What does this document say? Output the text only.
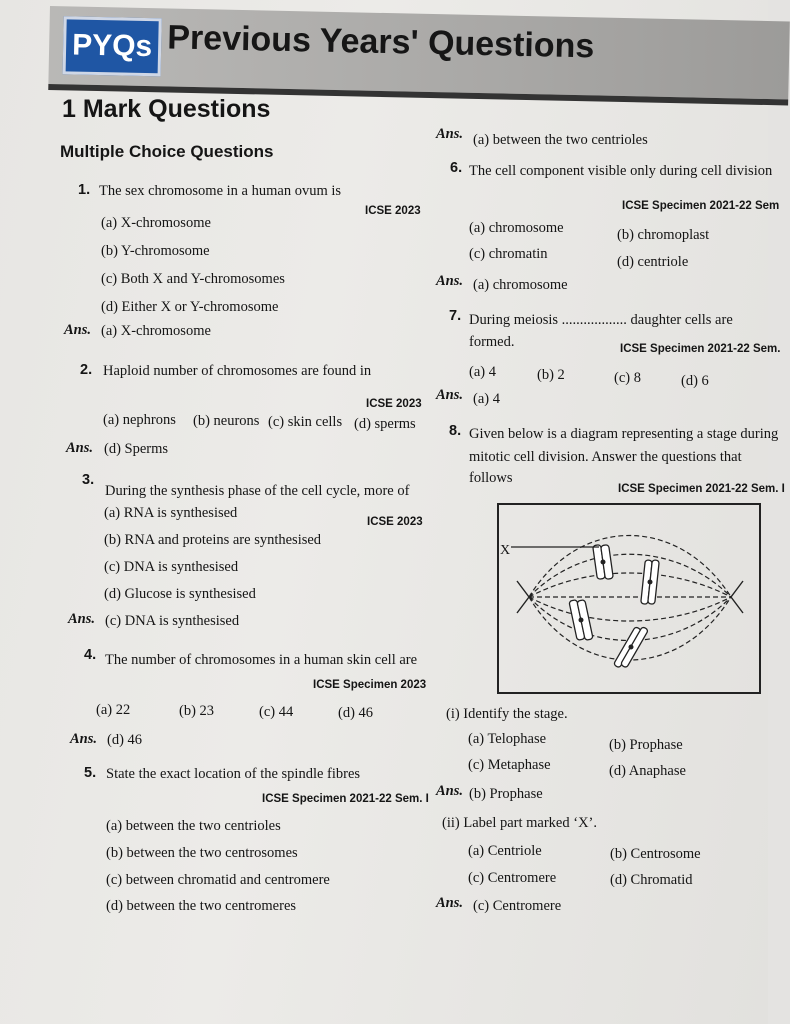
PYQs Previous Years' Questions
1 Mark Questions
Multiple Choice Questions
1. The sex chromosome in a human ovum is
ICSE 2023
(a) X-chromosome
(b) Y-chromosome
(c) Both X and Y-chromosomes
(d) Either X or Y-chromosome
Ans. (a) X-chromosome
2. Haploid number of chromosomes are found in
ICSE 2023
(a) nephrons (b) neurons (c) skin cells (d) sperms
Ans. (d) Sperms
3.
During the synthesis phase of the cell cycle, more of
(a) RNA is synthesised
ICSE 2023
(b) RNA and proteins are synthesised
(c) DNA is synthesised
(d) Glucose is synthesised
Ans. (c) DNA is synthesised
4. The number of chromosomes in a human skin cell are
ICSE Specimen 2023
(a) 22	(b) 23	(c) 44	(d) 46
Ans. (d) 46
5. State the exact location of the spindle fibres
ICSE Specimen 2021-22 Sem. I
(a) between the two centrioles
(b) between the two centrosomes
(c) between chromatid and centromere
(d) between the two centromeres
Ans. (a) between the two centrioles
6. The cell component visible only during cell division
ICSE Specimen 2021-22 Sem
(a) chromosome	(b) chromoplast
(c) chromatin	(d) centriole
Ans. (a) chromosome
7. During meiosis .................. daughter cells are
formed.	ICSE Specimen 2021-22 Sem.
(a) 4	(b) 2	(c) 8	(d) 6
Ans. (a) 4
8. Given below is a diagram representing a stage during
mitotic cell division. Answer the questions that
follows
ICSE Specimen 2021-22 Sem. I
X
(i) Identify the stage.
(a) Telophase	(b) Prophase
(c) Metaphase	(d) Anaphase
Ans. (b) Prophase
(ii) Label part marked ‘X’.
(a) Centriole	(b) Centrosome
(c) Centromere	(d) Chromatid
Ans. (c) Centromere
